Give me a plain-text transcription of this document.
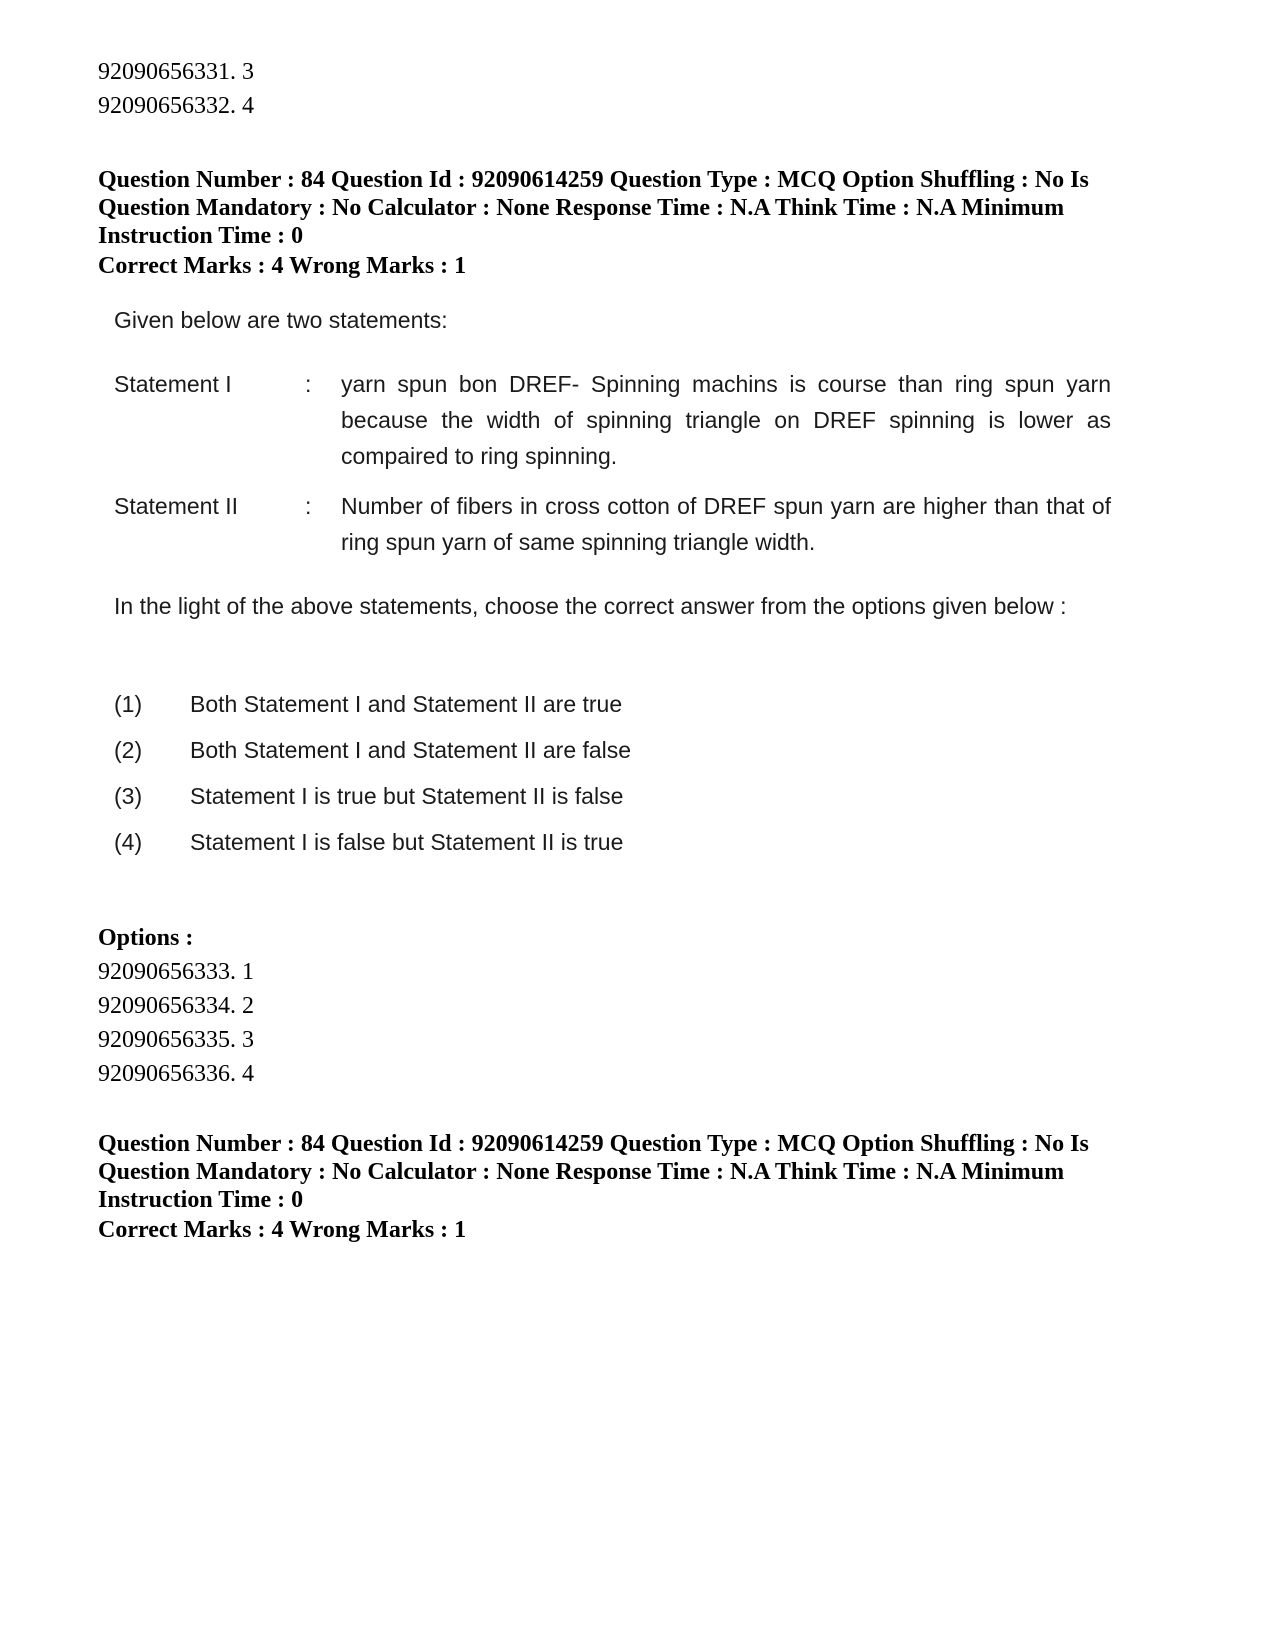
92090656331. 3
92090656332. 4
Question Number : 84 Question Id : 92090614259 Question Type : MCQ Option Shuffling : No Is Question Mandatory : No Calculator : None Response Time : N.A Think Time : N.A Minimum Instruction Time : 0
Correct Marks : 4 Wrong Marks : 1
Given below are two statements:
Statement I	: yarn spun bon DREF- Spinning machins is course than ring spun yarn because the width of spinning triangle on DREF spinning is lower as compaired to ring spinning.
Statement II	: Number of fibers in cross cotton of DREF spun yarn are higher than that of ring spun yarn of same spinning triangle width.
In the light of the above statements, choose the correct answer from the options given below :
(1) Both Statement I and Statement II are true
(2) Both Statement I and Statement II are false
(3) Statement I is true but Statement II is false
(4) Statement I is false but Statement II is true
Options :
92090656333. 1
92090656334. 2
92090656335. 3
92090656336. 4
Question Number : 84 Question Id : 92090614259 Question Type : MCQ Option Shuffling : No Is Question Mandatory : No Calculator : None Response Time : N.A Think Time : N.A Minimum Instruction Time : 0
Correct Marks : 4 Wrong Marks : 1
